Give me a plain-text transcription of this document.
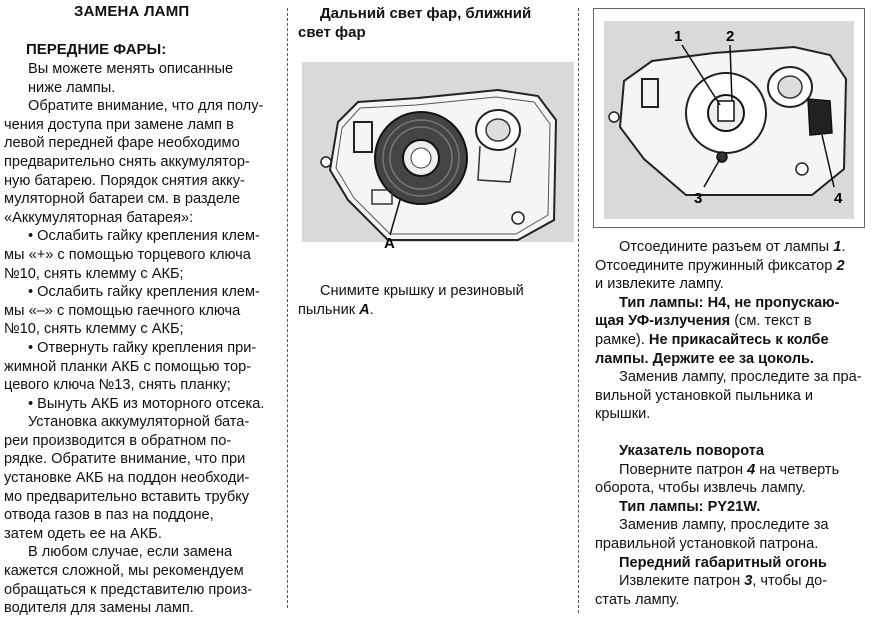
ЗАМЕНА ЛАМП
ПЕРЕДНИЕ ФАРЫ:
Вы можете менять описанные
ниже лампы.
Обратите внимание, что для полу-
чения доступа при замене ламп в
левой передней фаре необходимо
предварительно снять аккумулятор-
ную батарею. Порядок снятия акку-
муляторной батареи см. в разделе
«Аккумуляторная батарея»:
• Ослабить гайку крепления клем-
мы «+» с помощью торцевого ключа
№10, снять клемму с АКБ;
• Ослабить гайку крепления клем-
мы «–» с помощью гаечного ключа
№10, снять клемму с АКБ;
• Отвернуть гайку крепления при-
жимной планки АКБ с помощью тор-
цевого ключа №13, снять планку;
• Вынуть АКБ из моторного отсека.
Установка аккумуляторной бата-
реи производится в обратном по-
рядке. Обратите внимание, что при
установке АКБ на поддон необходи-
мо предварительно вставить трубку
отвода газов в паз на поддоне,
затем одеть ее на АКБ.
В любом случае, если замена
кажется сложной, мы рекомендуем
обращаться к представителю произ-
водителя для замены ламп.
Дальний свет фар, ближний
свет фар
A
Снимите крышку и резиновый
пыльник A.
1	2
3	4
Отсоедините разъем от лампы 1.
Отсоедините пружинный фиксатор 2
и извлеките лампу.
Тип лампы: H4, не пропускаю-
щая УФ-излучения (см. текст в
рамке). Не прикасайтесь к колбе
лампы. Держите ее за цоколь.
Заменив лампу, проследите за пра-
вильной установкой пыльника и
крышки.
Указатель поворота
Поверните патрон 4 на четверть
оборота, чтобы извлечь лампу.
Тип лампы: PY21W.
Заменив лампу, проследите за
правильной установкой патрона.
Передний габаритный огонь
Извлеките патрон 3, чтобы до-
стать лампу.
